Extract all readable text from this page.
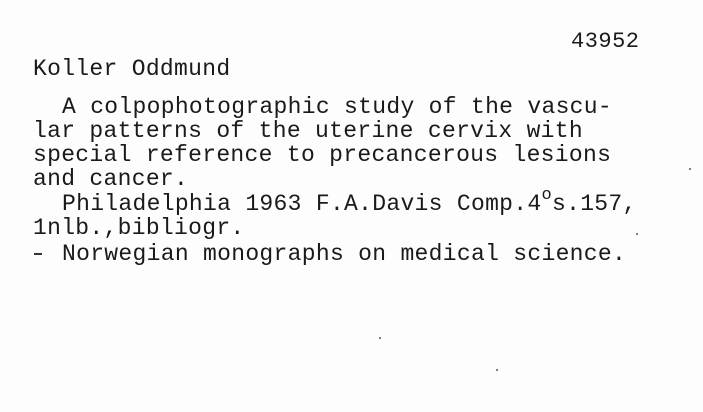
43952
Koller Oddmund
A colpophotographic study of the vascu-
lar patterns of the uterine cervix with
special reference to precancerous lesions
and cancer.
Philadelphia 1963 F.A.Davis Comp.4$^o$s.157,
1nlb.,bibliogr.
Norwegian monographs on medical science.
